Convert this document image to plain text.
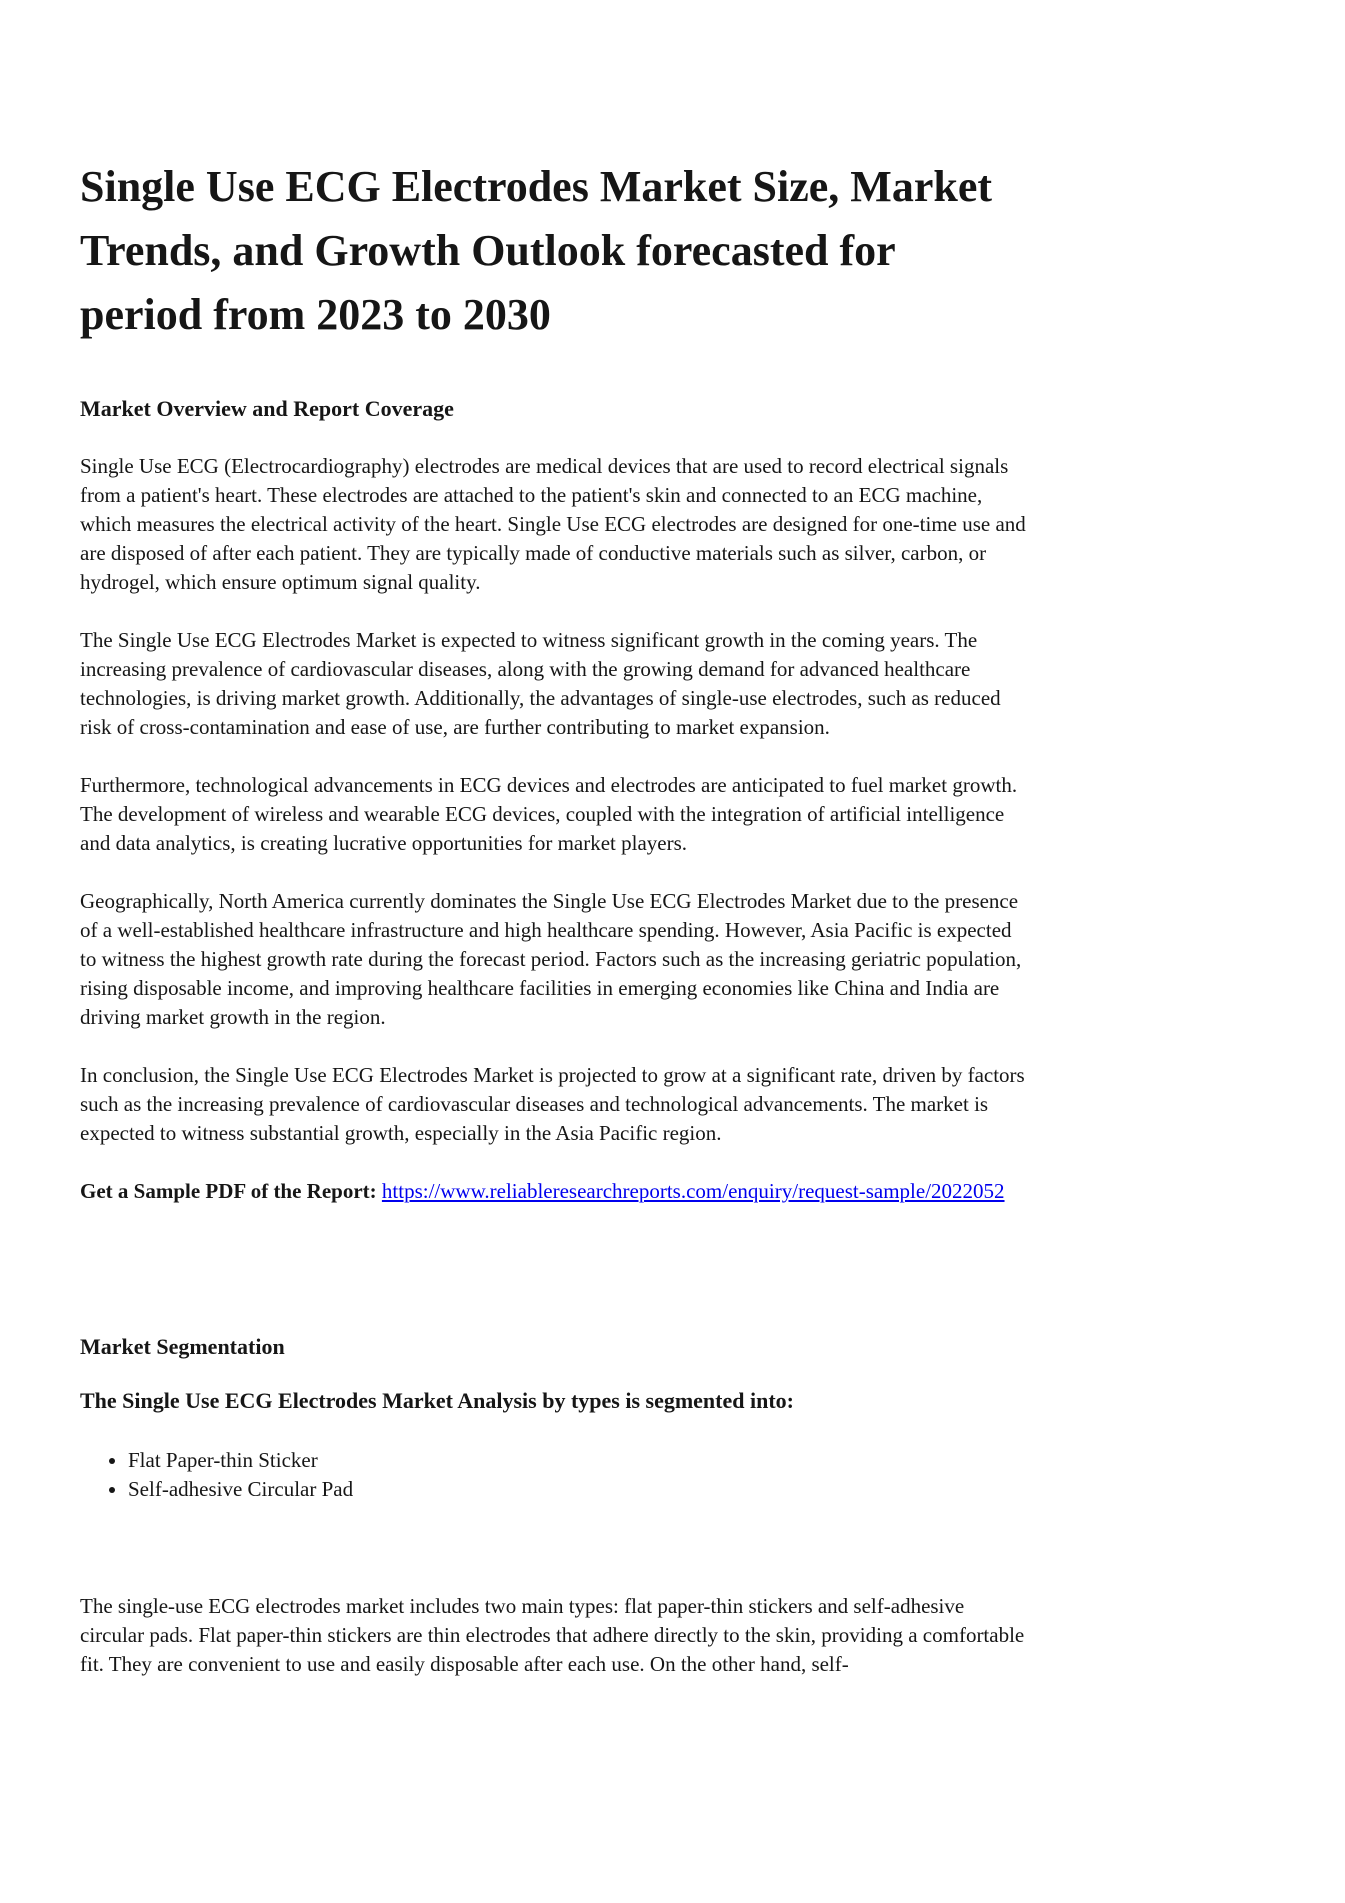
Single Use ECG Electrodes Market Size, Market Trends, and Growth Outlook forecasted for period from 2023 to 2030
Market Overview and Report Coverage

Single Use ECG (Electrocardiography) electrodes are medical devices that are used to record electrical signals from a patient's heart. These electrodes are attached to the patient's skin and connected to an ECG machine, which measures the electrical activity of the heart. Single Use ECG electrodes are designed for one-time use and are disposed of after each patient. They are typically made of conductive materials such as silver, carbon, or hydrogel, which ensure optimum signal quality.

The Single Use ECG Electrodes Market is expected to witness significant growth in the coming years. The increasing prevalence of cardiovascular diseases, along with the growing demand for advanced healthcare technologies, is driving market growth. Additionally, the advantages of single-use electrodes, such as reduced risk of cross-contamination and ease of use, are further contributing to market expansion.

Furthermore, technological advancements in ECG devices and electrodes are anticipated to fuel market growth. The development of wireless and wearable ECG devices, coupled with the integration of artificial intelligence and data analytics, is creating lucrative opportunities for market players.

Geographically, North America currently dominates the Single Use ECG Electrodes Market due to the presence of a well-established healthcare infrastructure and high healthcare spending. However, Asia Pacific is expected to witness the highest growth rate during the forecast period. Factors such as the increasing geriatric population, rising disposable income, and improving healthcare facilities in emerging economies like China and India are driving market growth in the region.

In conclusion, the Single Use ECG Electrodes Market is projected to grow at a significant rate, driven by factors such as the increasing prevalence of cardiovascular diseases and technological advancements. The market is expected to witness substantial growth, especially in the Asia Pacific region.

Get a Sample PDF of the Report: https://www.reliableresearchreports.com/enquiry/request-sample/2022052

Market Segmentation

The Single Use ECG Electrodes Market Analysis by types is segmented into:

• Flat Paper-thin Sticker
• Self-adhesive Circular Pad

The single-use ECG electrodes market includes two main types: flat paper-thin stickers and self-adhesive circular pads. Flat paper-thin stickers are thin electrodes that adhere directly to the skin, providing a comfortable fit. They are convenient to use and easily disposable after each use. On the other hand, self-
